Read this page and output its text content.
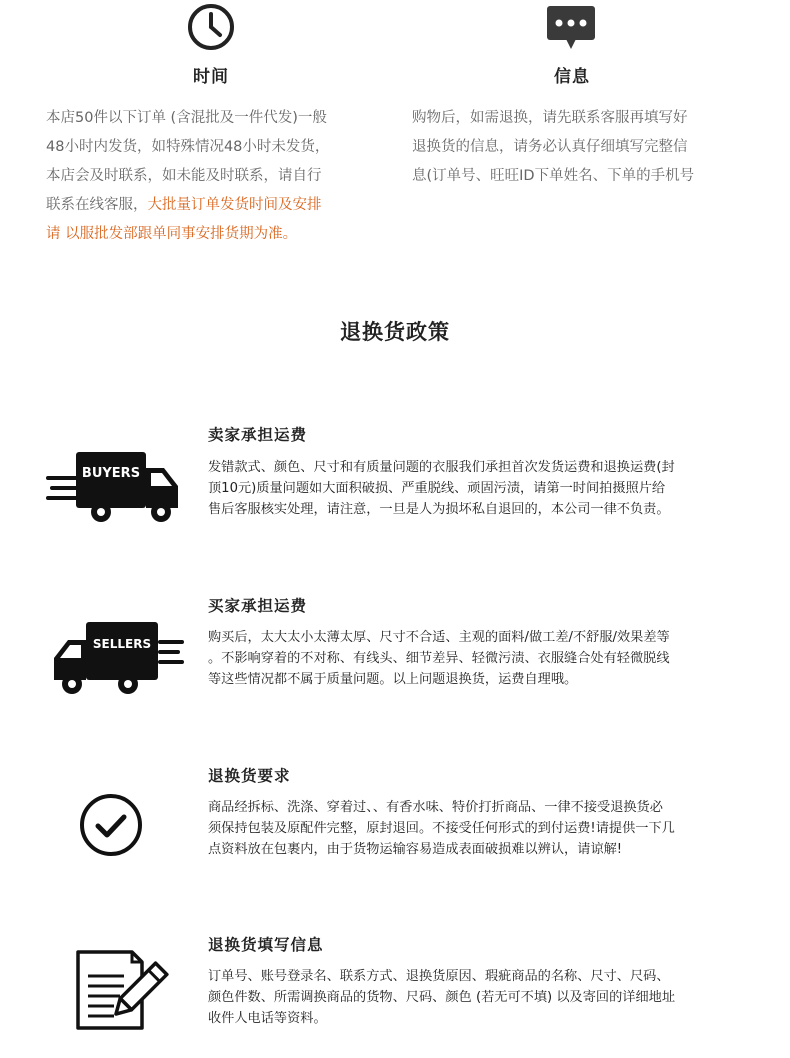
时间
本店50件以下订单 (含混批及一件代发)一般
48小时内发货，如特殊情况48小时未发货，
本店会及时联系，如未能及时联系，请自行
联系在线客服，大批量订单发货时间及安排
请 以服批发部跟单同事安排货期为准。
信息
购物后，如需退换，请先联系客服再填写好
退换货的信息，请务必认真仔细填写完整信
息(订单号、旺旺ID下单姓名、下单的手机号
退换货政策
BUYERS
卖家承担运费
发错款式、颜色、尺寸和有质量问题的衣服我们承担首次发货运费和退换运费(封
顶10元)质量问题如大面积破损、严重脱线、顽固污渍，请第一时间拍摄照片给
售后客服核实处理，请注意，一旦是人为损坏私自退回的，本公司一律不负责。
SELLERS
买家承担运费
购买后，太大太小太薄太厚、尺寸不合适、主观的面料/做工差/不舒服/效果差等
。不影响穿着的不对称、有线头、细节差异、轻微污渍、衣服缝合处有轻微脱线
等这些情况都不属于质量问题。以上问题退换货，运费自理哦。
退换货要求
商品经拆标、洗涤、穿着过、、有香水味、特价打折商品、一律不接受退换货必
须保持包装及原配件完整，原封退回。不接受任何形式的到付运费!请提供一下几
点资料放在包裹内，由于货物运输容易造成表面破损难以辨认，请谅解!
退换货填写信息
订单号、账号登录名、联系方式、退换货原因、瑕疵商品的名称、尺寸、尺码、
颜色件数、所需调换商品的货物、尺码、颜色 (若无可不填) 以及寄回的详细地址
收件人电话等资料。
